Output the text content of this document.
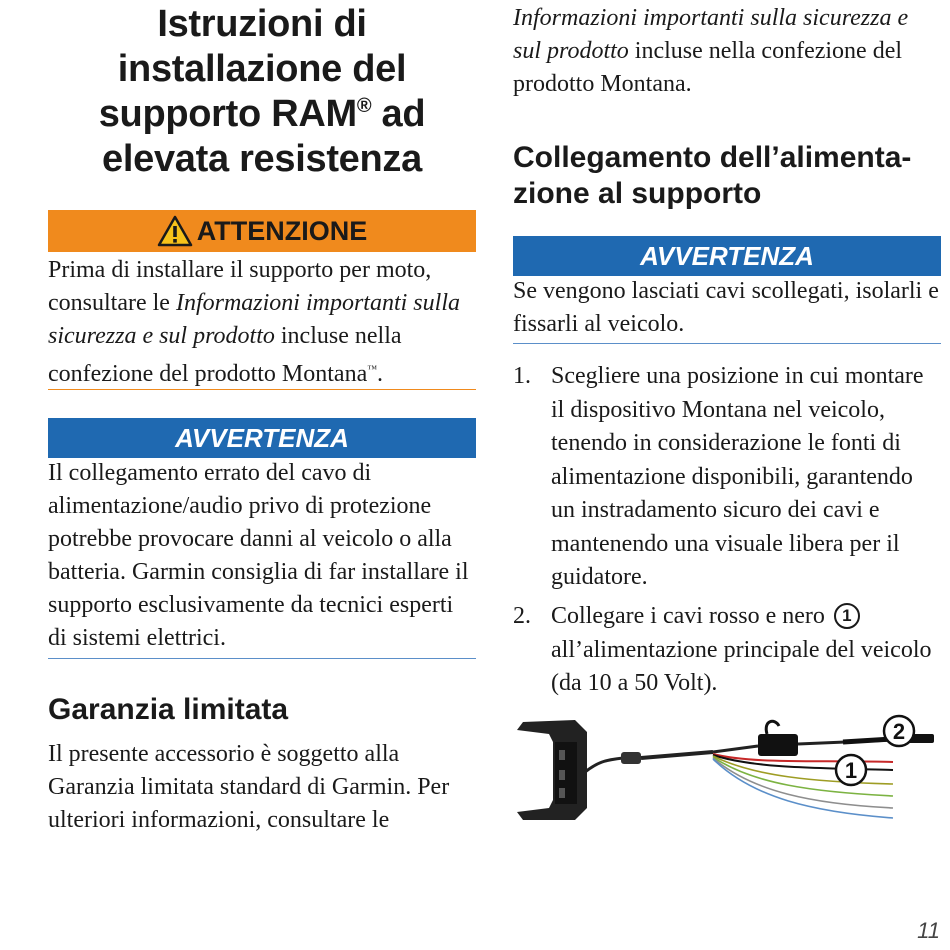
Istruzioni di
installazione del
supporto RAM® ad
elevata resistenza
ATTENZIONE

Prima di installare il supporto per moto, consultare le Informazioni importanti sulla sicurezza e sul prodotto incluse nella confezione del prodotto Montana™.

AVVERTENZA

Il collegamento errato del cavo di alimentazione/audio privo di protezione potrebbe provocare danni al veicolo o alla batteria. Garmin consiglia di far installare il supporto esclusivamente da tecnici esperti di sistemi elettrici.

Garanzia limitata

Il presente accessorio è soggetto alla Garanzia limitata standard di Garmin. Per ulteriori informazioni, consultare le

Informazioni importanti sulla sicurezza e sul prodotto incluse nella confezione del prodotto Montana.

Collegamento dell’alimenta-
zione al supporto
AVVERTENZA

Se vengono lasciati cavi scollegati, isolarli e fissarli al veicolo.

1. Scegliere una posizione in cui montare il dispositivo Montana nel veicolo, tenendo in considerazione le fonti di alimentazione disponibili, garantendo un instradamento sicuro dei cavi e mantenendo una visuale libera per il guidatore.
2. Collegare i cavi rosso e nero 1 all’alimentazione principale del veicolo (da 10 a 50 Volt).
1
2
11
